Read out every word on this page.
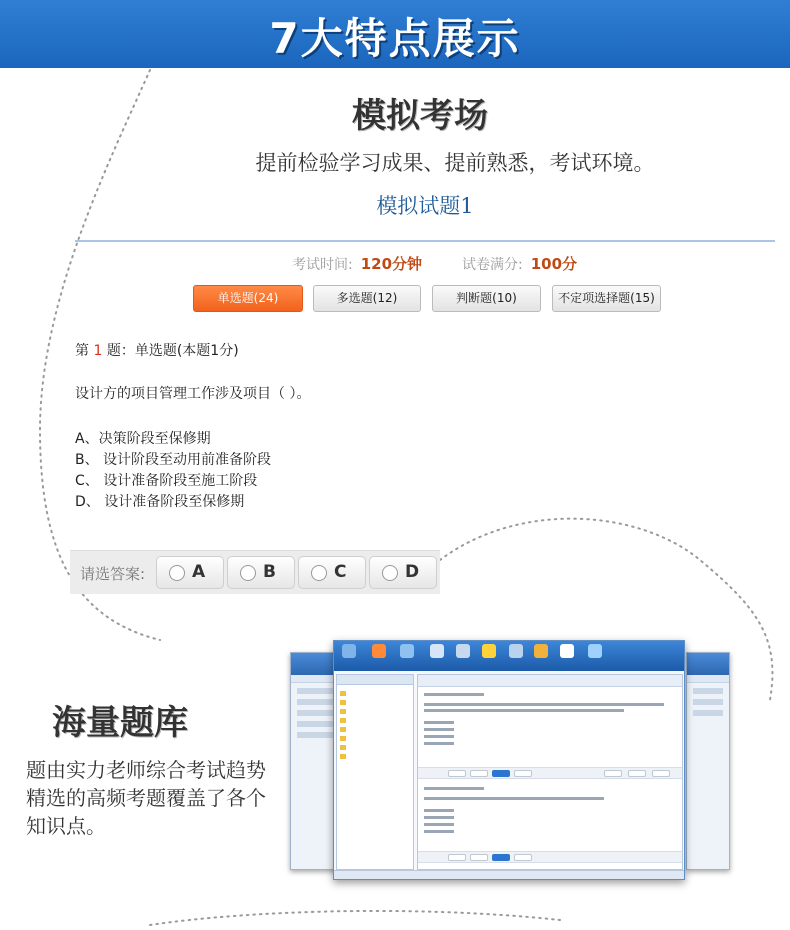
7大特点展示
模拟考场
提前检验学习成果、提前熟悉，考试环境。
模拟试题1
考试时间: 120分钟	试卷满分: 100分
单选题(24)	多选题(12)	判断题(10)	不定项选择题(15)
第 1 题：单选题(本题1分)
设计方的项目管理工作涉及项目（ ）。
A、决策阶段至保修期
B、 设计阶段至动用前准备阶段
C、 设计准备阶段至施工阶段
D、 设计准备阶段至保修期
请选答案:	A	B	C	D
海量题库
题由实力老师综合考试趋势精选的高频考题覆盖了各个知识点。
